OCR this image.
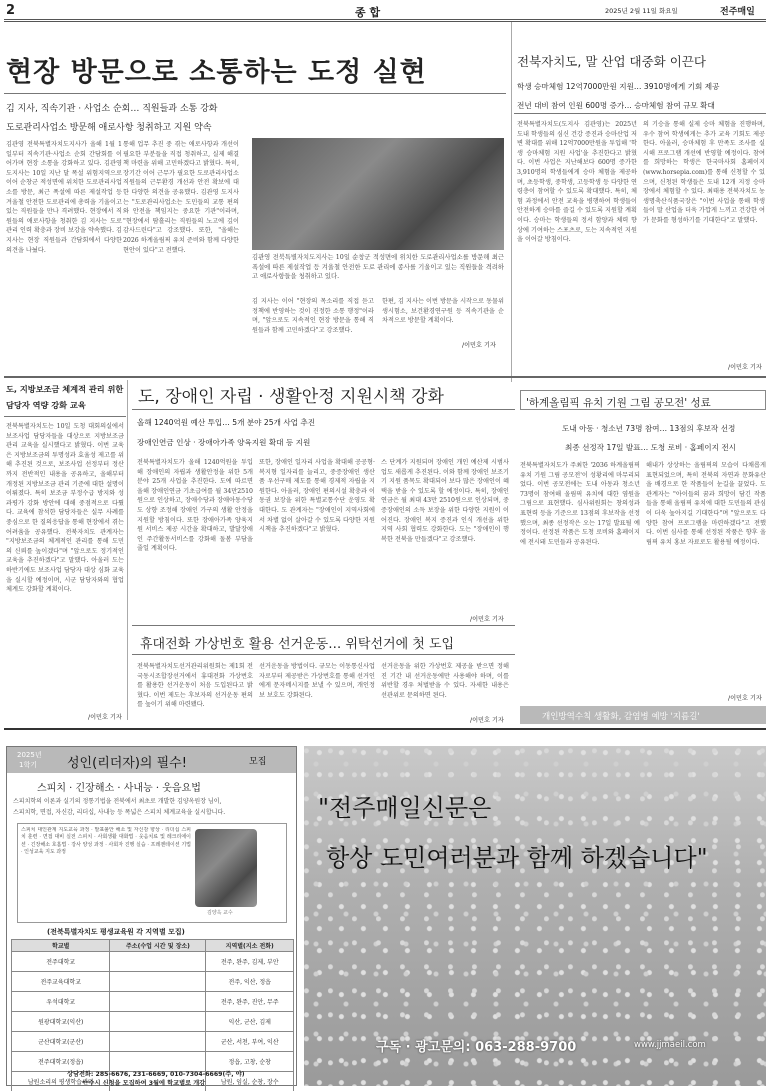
2	종 합	2025년 2월 11일 화요일	전주매일
현장 방문으로 소통하는 도정 실현
김 지사, 직속기관 · 사업소 순회… 직원들과 소통 강화
도로관리사업소 방문해 애로사항 청취하고 지원 약속
김관영 전북특별자치도지사가 올해 1월 1일부터 직속기관·사업소 순회 간담회를 이어가며 현장 소통을 강화하고 있다. 김관영 도지사는 10일 지난 달 폭설 위험지역으로 이어 순창군 적성면에 위치한 도로관리사업소를 방문, 최근 폭설에 따른 제설작업 등 겨울철 안전한 도로관리에 총력을 기울이고 있는 직원들을 만나 격려했다. 현장에서 직원들의 애로사항을 청취한 김 지사는 도로 관리 인력 확충과 장비 보강을 약속했다. 김 지사는 현장 직원들과 간담회에서 다양한 의견을 나눴다.
통해 업무 추진 중 겪는 애로사항과 개선이 필요한 부분들을 직접 청취하고, 실제 해결책 마련을 위해 고민하겠다고 밝혔다. 특히, 장기간 이어 근무가 필요한 도로관리사업소 직원들의 근무환경 개선과 안전 확보에 대한 다양한 의견을 공유했다. 김관영 도지사는 "도로관리사업소는 도민들의 교통 편의와 안전을 책임지는 중요한 기관"이라며, "현장에서 땀흘리는 직원들의 노고에 깊이 감사드린다"고 강조했다. 또한, "올해는 2026 하계올림픽 유치 준비와 함께 다양한 현안이 있다"고 전했다.
김관영 전북특별자치도지사는 10일 순창군 적성면에 위치한 도로관리사업소를 방문해 최근 폭설에 따른 제설작업 등 겨울철 안전한 도로 관리에 종사를 기울이고 있는 직원들을 격려하고 애로사항들을 청취하고 있다.
김 지사는 이어 "현장의 목소리를 직접 듣고 정책에 반영하는 것이 진정한 소통 행정"이라며, "앞으로도 지속적인 현장 방문을 통해 직원들과 함께 고민하겠다"고 강조했다.
한편, 김 지사는 이번 방문을 시작으로 동물위생시험소, 보건환경연구원 등 직속기관을 순차적으로 방문할 계획이다.
/이민호 기자
전북자치도, 말 산업 대중화 이끈다
학생 승마체험 12억7000만원 지원… 3910명에게 기회 제공
전년 대비 참여 인원 600명 증가… 승마체험 참여 규모 확대
전북특별자치도(도지사 김관영)는 2025년 도내 학생들의 심신 건강 증진과 승마산업 저변 확대를 위해 12억7000만원을 투입해 '학생 승마체험 지원 사업'을 추진한다고 밝혔다. 이번 사업은 지난해보다 600명 증가한 3,910명의 학생들에게 승마 체험을 제공하며, 초등학생, 중학생, 고등학생 등 다양한 연령층이 참여할 수 있도록 확대했다. 특히, 체험 과정에서 안전 교육을 병행하여 학생들이 안전하게 승마를 즐길 수 있도록 지원할 계획이다. 승마는 학생들의 정서 함양과 체력 향상에 기여하는 스포츠로, 도는 지속적인 지원을 이어갈 방침이다.
의 기승을 통해 실제 승마 체험을 진행하며, 우수 참여 학생에게는 추가 교육 기회도 제공한다. 아울러, 승마체험 후 만족도 조사를 실시해 프로그램 개선에 반영할 예정이다. 참여를 희망하는 학생은 한국마사회 홈페이지(www.horsepia.com)를 통해 신청할 수 있으며, 신청된 학생들은 도내 12개 지정 승마장에서 체험할 수 있다. 최태용 전북자치도 농생명축산식품국장은 "이번 사업을 통해 학생들이 말 산업을 더욱 가깝게 느끼고 건강한 여가 문화를 형성하기를 기대한다"고 말했다.
/이민호 기자
도, 지방보조금 체계적 관리 위한 담당자 역량 강화 교육
전북특별자치도는 10일 도청 대회의실에서 보조사업 담당자들을 대상으로 지방보조금 관리 교육을 실시했다고 밝혔다. 이번 교육은 지방보조금의 투명성과 효율성 제고를 위해 추진된 것으로, 보조사업 선정부터 정산까지 전반적인 내용을 공유하고, 올해부터 개정된 지방보조금 관리 기준에 대한 설명이 이뤄졌다. 특히 보조금 부정수급 방지와 성과평가 강화 방안에 대해 중점적으로 다뤘다. 교육에 참석한 담당자들은 실무 사례를 중심으로 한 질의응답을 통해 현장에서 겪는 어려움을 공유했다. 전북자치도 관계자는 "지방보조금의 체계적인 관리를 통해 도민의 신뢰를 높이겠다"며 "앞으로도 정기적인 교육을 추진하겠다"고 말했다. 아울러 도는 하반기에도 보조사업 담당자 대상 심화 교육을 실시할 예정이며, 시군 담당자와의 협업 체계도 강화할 계획이다.
/이민호 기자
도, 장애인 자립 · 생활안정 지원시책 강화
올해 1240억원 예산 투입… 5개 분야 25개 사업 추진
장애인연금 인상 · 장애아가족 양육지원 확대 등 지원
전북특별자치도가 올해 1240억원을 투입해 장애인의 자립과 생활안정을 위한 5개 분야 25개 사업을 추진한다. 도에 따르면 올해 장애인연금 기초급여를 월 34만2510원으로 인상하고, 장애수당과 장애아동수당도 상향 조정해 장애인 가구의 생활 안정을 지원할 방침이다. 또한 장애아가족 양육지원 서비스 제공 시간을 확대하고, 발달장애인 주간활동서비스를 강화해 돌봄 부담을 줄일 계획이다.
또한, 장애인 일자리 사업을 확대해 공공형·복지형 일자리를 늘리고, 중증장애인 생산품 우선구매 제도를 통해 경제적 자립을 지원한다. 아울러, 장애인 편의시설 확충과 이동권 보장을 위한 특별교통수단 운영도 확대한다. 도 관계자는 "장애인이 지역사회에서 차별 없이 살아갈 수 있도록 다양한 지원시책을 추진하겠다"고 밝혔다.
스 단계가 지원되며 장애인 개인 예산제 시범사업도 새롭게 추진된다. 이와 함께 장애인 보조기기 지원 품목도 확대되어 보다 많은 장애인이 혜택을 받을 수 있도록 할 예정이다. 특히, 장애인연금은 월 최대 43만 2510원으로 인상되며, 중증장애인의 소득 보장을 위한 다양한 지원이 이어진다. 장애인 복지 증진과 인식 개선을 위한 지역 사회 협력도 강화한다. 도는 "장애인이 행복한 전북을 만들겠다"고 강조했다.
/이민호 기자
'하계올림픽 유치 기원 그림 공모전' 성료
도내 아동 · 청소년 73명 참여… 13점의 후보작 선정
최종 선정작 17일 발표… 도청 로비 · 홈페이지 전시
전북특별자치도가 주최한 '2036 하계올림픽 유치 기원 그림 공모전'이 성황리에 마무리되었다. 이번 공모전에는 도내 아동과 청소년 73명이 참여해 올림픽 유치에 대한 염원을 그림으로 표현했다. 심사위원회는 창의성과 표현력 등을 기준으로 13점의 후보작을 선정했으며, 최종 선정작은 오는 17일 발표될 예정이다. 선정된 작품은 도청 로비와 홈페이지에 전시돼 도민들과 공유된다.
해내가 상상하는 올림픽의 모습이 다채롭게 표현되었으며, 특히 전북의 자연과 문화유산을 배경으로 한 작품들이 눈길을 끌었다. 도 관계자는 "아이들의 꿈과 희망이 담긴 작품들을 통해 올림픽 유치에 대한 도민들의 관심이 더욱 높아지길 기대한다"며 "앞으로도 다양한 참여 프로그램을 마련하겠다"고 전했다. 이번 심사를 통해 선정된 작품은 향후 올림픽 유치 홍보 자료로도 활용될 예정이다.
/이민호 기자
휴대전화 가상번호 활용 선거운동… 위탁선거에 첫 도입
전북특별자치도선거관리위원회는 제1회 전국동시조합장선거에서 휴대전화 가상번호를 활용한 선거운동이 처음 도입된다고 밝혔다. 이번 제도는 후보자의 선거운동 편의를 높이기 위해 마련됐다.
선거운동을 방법이다. 규모는 이동통신사업자로부터 제공받은 가상번호를 통해 선거인에게 문자메시지를 보낼 수 있으며, 개인정보 보호도 강화된다.
선거운동을 위한 가상번호 제공을 받으면 정해진 기간 내 선거운동에만 사용해야 하며, 이를 위반할 경우 처벌받을 수 있다. 자세한 내용은 선관위로 문의하면 된다.
/이민호 기자	개인방역수칙 생활화, 감염병 예방 '지름길'
2025년
1학기 성인(리더자)의 필수!	모집
스피치 · 긴장해소 · 사내능 · 웃음요법
스피치학의 이론과 실기의 정통기법을 전북에서 최초로 개발한 김양옥원장 님이,
스피치학, 면접, 자신감, 리더십, 사내능 등 폭넓은 스피치 체계교육을 실시합니다.
스피치 대인관계 지도교육 과정 · 발표불안 해소 및 자신감 향상 · 리더십 스피치 훈련 · 면접 대비 실전 스피치 · 사회생활 대화법 · 웃음치료 및 레크리에이션 · 긴장해소 호흡법 · 강사 양성 과정 · 사회자 진행 실습 · 프레젠테이션 기법 · 인성교육 지도 과정
김양옥 교수
(전북특별자치도 평생교육원 각 지역별 모집)
학교별	주소(수업 시간 및 장소)	지역별(지소 전화)
전주대학교		전주, 완주, 김제, 부안
전주교육대학교		전주, 익산, 정읍
우석대학교		전주, 완주, 진안, 무주
원광대학교(익산)		익산, 군산, 김제
군산대학교(군산)		군산, 서천, 부여, 익산
전주대학교(정읍)		정읍, 고창, 순창
남원소리의 평생학습센터		남원, 임실, 순창, 장수
상담전화: 285-6676, 231-6669, 010-7304-6669(주, 야)
**수시 신청을 모집하여 3월에 학교별로 개강
"전주매일신문은
항상 도민여러분과 함께 하겠습니다"
구독 · 광고문의: 063-288-9700	www.jjmaeil.com
